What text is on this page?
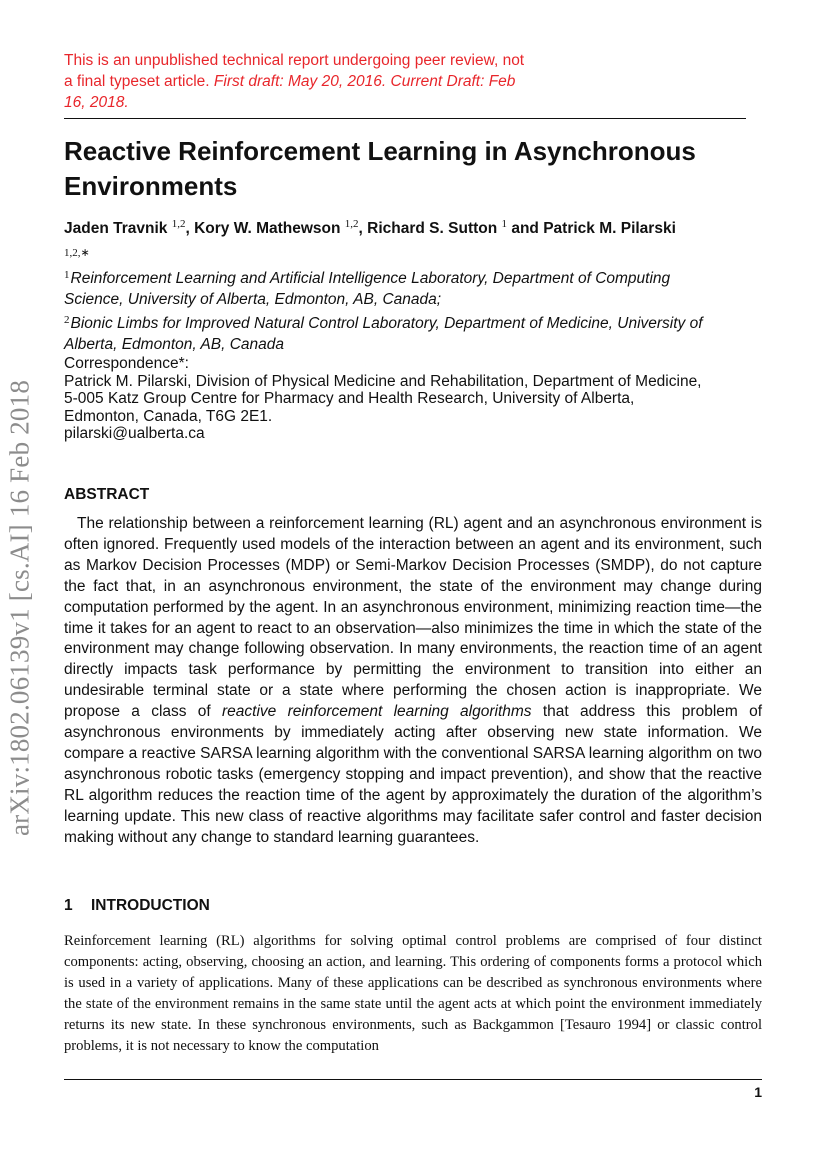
This is an unpublished technical report undergoing peer review, not a final typeset article. First draft: May 20, 2016. Current Draft: Feb 16, 2018.
Reactive Reinforcement Learning in Asynchronous Environments
Jaden Travnik $^{1,2}$, Kory W. Mathewson $^{1,2}$, Richard S. Sutton $^1$ and Patrick M. Pilarski $^{1,2,∗}$
$^1$Reinforcement Learning and Artificial Intelligence Laboratory, Department of Computing Science, University of Alberta, Edmonton, AB, Canada;
$^2$Bionic Limbs for Improved Natural Control Laboratory, Department of Medicine, University of Alberta, Edmonton, AB, Canada
Correspondence*:
Patrick M. Pilarski, Division of Physical Medicine and Rehabilitation, Department of Medicine, 5-005 Katz Group Centre for Pharmacy and Health Research, University of Alberta, Edmonton, Canada, T6G 2E1.
pilarski@ualberta.ca
arXiv:1802.06139v1 [cs.AI] 16 Feb 2018 ABSTRACT

The relationship between a reinforcement learning (RL) agent and an asynchronous environment is often ignored. Frequently used models of the interaction between an agent and its environment, such as Markov Decision Processes (MDP) or Semi-Markov Decision Processes (SMDP), do not capture the fact that, in an asynchronous environment, the state of the environment may change during computation performed by the agent. In an asynchronous environment, minimizing reaction time—the time it takes for an agent to react to an observation—also minimizes the time in which the state of the environment may change following observation. In many environments, the reaction time of an agent directly impacts task performance by permitting the environment to transition into either an undesirable terminal state or a state where performing the chosen action is inappropriate. We propose a class of reactive reinforcement learning algorithms that address this problem of asynchronous environments by immediately acting after observing new state information. We compare a reactive SARSA learning algorithm with the conventional SARSA learning algorithm on two asynchronous robotic tasks (emergency stopping and impact prevention), and show that the reactive RL algorithm reduces the reaction time of the agent by approximately the duration of the algorithm’s learning update. This new class of reactive algorithms may facilitate safer control and faster decision making without any change to standard learning guarantees.

1 INTRODUCTION

Reinforcement learning (RL) algorithms for solving optimal control problems are comprised of four distinct components: acting, observing, choosing an action, and learning. This ordering of components forms a protocol which is used in a variety of applications. Many of these applications can be described as synchronous environments where the state of the environment remains in the same state until the agent acts at which point the environment immediately returns its new state. In these synchronous environments, such as Backgammon [Tesauro 1994] or classic control problems, it is not necessary to know the computation

1
